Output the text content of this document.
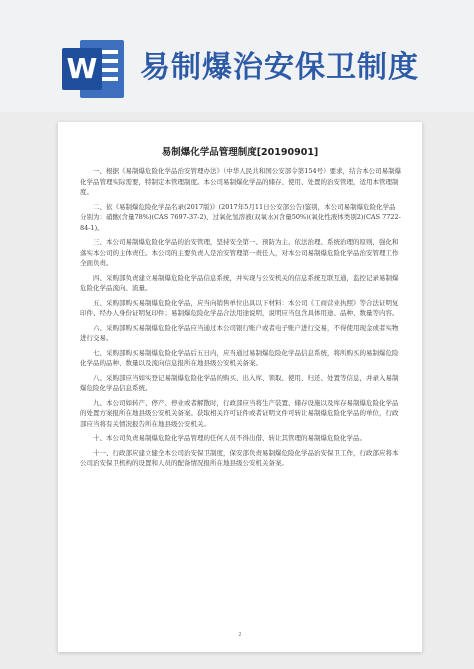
W 易制爆治安保卫制度
易制爆化学品管理制度[20190901]

一、根据《易制爆危险化学品治安管理办法》（中华人民共和国公安部令第154号）要求，结合本公司易制爆化学品管理实际需要，特制定本管理制度。本公司易制爆化学品的储存、使用、处置的治安管理，适用本管理制度。

二、依《易制爆危险化学品名录(2017版)》(2017年5月11日公安部公告)鉴别，本公司易制爆危险化学品分别为：硝酸(含量78%)(CAS 7697-37-2)、过氧化氢溶液(双氧水)(含量50%)(氧化性液体类别2)(CAS 7722-84-1)。

三、本公司易制爆危险化学品的治安管理，坚持安全第一、预防为主、依法治理、系统治理的原则，强化和落实本公司的主体责任。本公司的主要负责人是治安管理第一责任人，对本公司易制爆危险化学品治安管理工作全面负责。

四、采购部负责建立易制爆危险化学品信息系统，并实现与公安机关的信息系统互联互通，监控记录易制爆危险化学品流向、流量。

五、采购部购买易制爆危险化学品，应当向销售单位出具以下材料：本公司《工商营业执照》等合法证明复印件、经办人身份证明复印件；易制爆危险化学品合法用途说明，说明应当包含具体用途、品种、数量等内容。

六、采购部购买易制爆危险化学品应当通过本公司银行账户或者电子账户进行交易，不得使用现金或者实物进行交易。

七、采购部购买易制爆危险化学品后五日内，应当通过易制爆危险化学品信息系统，将所购买的易制爆危险化学品的品种、数量以及流向信息报所在地县级公安机关备案。

八、采购部应当如实登记易制爆危险化学品的购买、出入库、领取、使用、归还、处置等信息，并录入易制爆危险化学品信息系统。

九、本公司如转产、停产、停业或者解散时，行政部应当将生产装置、储存设施以及库存易制爆危险化学品的处置方案报所在地县级公安机关备案。获取相关许可证件或者证明文件可转让易制爆危险化学品的单位，行政部应当将有关情况报告所在地县级公安机关。

十、本公司负责易制爆危险化学品管理的任何人员不得出借、转让其管理的易制爆危险化学品。

十一、行政部应建立健全本公司治安保卫制度，保安部负责易制爆危险化学品治安保卫工作，行政部应将本公司治安保卫机构的设置和人员的配备情况报所在地县级公安机关备案。

2
